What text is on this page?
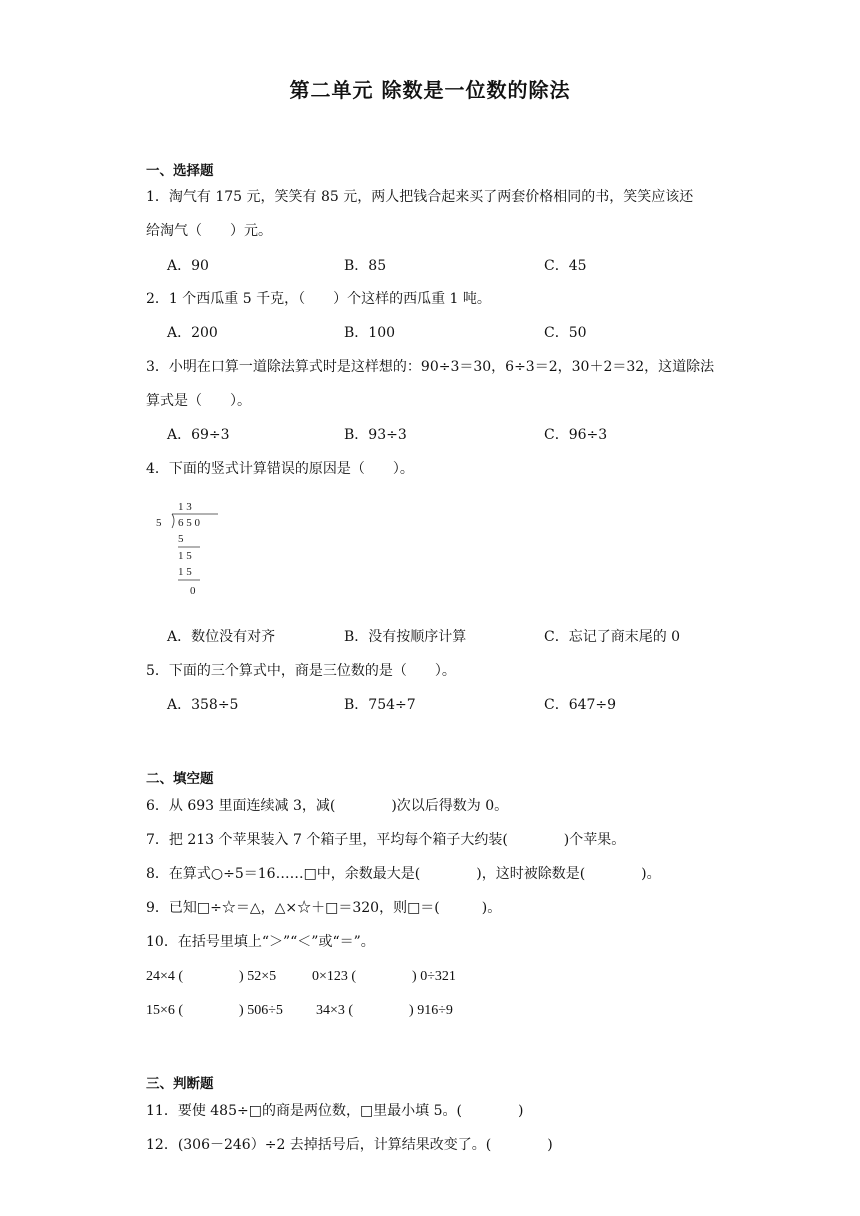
第二单元 除数是一位数的除法
一、选择题
1．淘气有 175 元，笑笑有 85 元，两人把钱合起来买了两套价格相同的书，笑笑应该还
给淘气（　　）元。
A．90	B．85	C．45
2．1 个西瓜重 5 千克，（　　）个这样的西瓜重 1 吨。
A．200	B．100	C．50
3．小明在口算一道除法算式时是这样想的：90÷3＝30，6÷3＝2，30＋2＝32，这道除法
算式是（　　）。
A．69÷3	B．93÷3	C．96÷3
4．下面的竖式计算错误的原因是（　　）。
1 3
5 6 5 0
5
1 5
1 5
0
A．数位没有对齐	B．没有按顺序计算	C．忘记了商末尾的 0
5．下面的三个算式中，商是三位数的是（　　）。
A．358÷5	B．754÷7	C．647÷9
二、填空题
6．从 693 里面连续减 3，减(　　　　)次以后得数为 0。
7．把 213 个苹果装入 7 个箱子里，平均每个箱子大约装(　　　　)个苹果。
8．在算式○÷5＝16……□中，余数最大是(　　　　)，这时被除数是(　　　　)。
9．已知□÷☆＝△，△×☆＋□＝320，则□＝(　　　)。
10．在括号里填上“＞”“＜”或“＝”。
24×4 (　　　　) 52×5	0×123 (　　　　) 0÷321
15×6 (　　　　) 506÷5 34×3 (　　　　) 916÷9
三、判断题
11．要使 485÷□的商是两位数，□里最小填 5。(　　　　)
12．(306－246）÷2 去掉括号后，计算结果改变了。(　　　　)
